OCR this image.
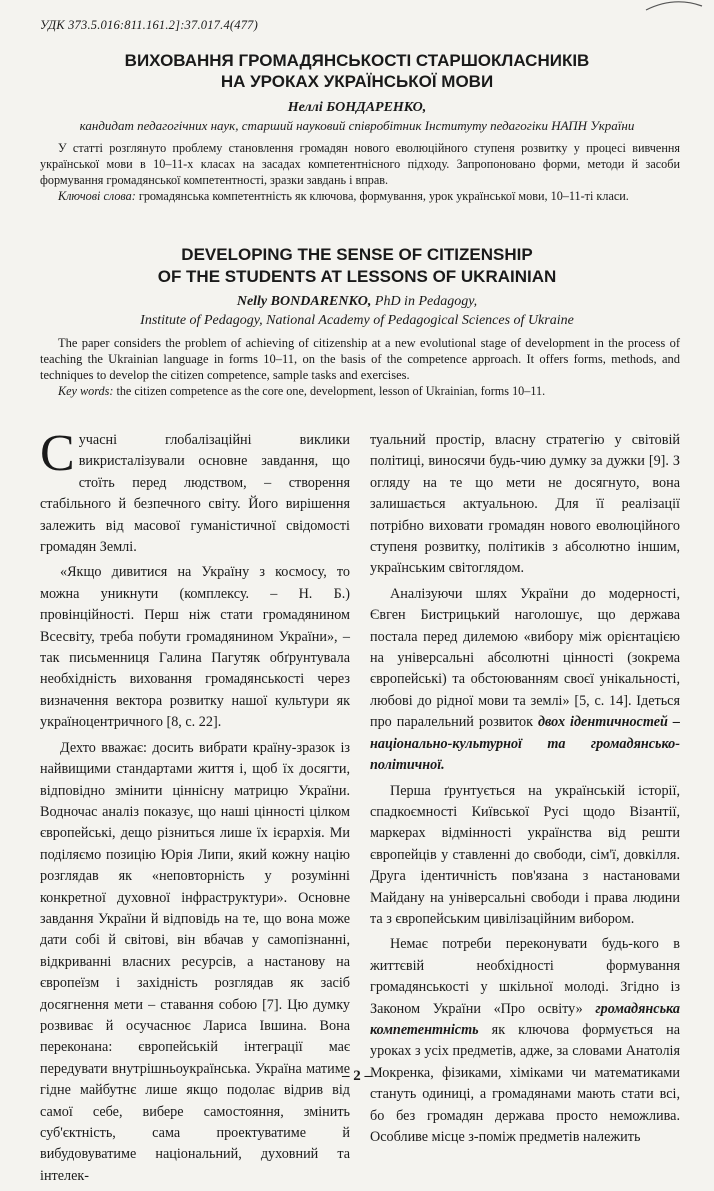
УДК 373.5.016:811.161.2]:37.017.4(477)
ВИХОВАННЯ ГРОМАДЯНСЬКОСТІ СТАРШОКЛАСНИКІВ
НА УРОКАХ УКРАЇНСЬКОЇ МОВИ
Неллі БОНДАРЕНКО,
кандидат педагогічних наук, старший науковий співробітник Інституту педагогіки НАПН України
У статті розглянуто проблему становлення громадян нового еволюційного ступеня розвитку у процесі вивчення української мови в 10–11-х класах на засадах компетентнісного підходу. Запропоновано форми, методи й засоби формування громадянської компетентності, зразки завдань і вправ.
Ключові слова: громадянська компетентність як ключова, формування, урок української мови, 10–11-ті класи.
DEVELOPING THE SENSE OF CITIZENSHIP
OF THE STUDENTS AT LESSONS OF UKRAINIAN
Nelly BONDARENKO, PhD in Pedagogy,
Institute of Pedagogy, National Academy of Pedagogical Sciences of Ukraine
The paper considers the problem of achieving of citizenship at a new evolutional stage of development in the process of teaching the Ukrainian language in forms 10–11, on the basis of the competence approach. It offers forms, methods, and techniques to develop the citizen competence, sample tasks and exercises.
Key words: the citizen competence as the core one, development, lesson of Ukrainian, forms 10–11.

Сучасні глобалізаційні виклики викристалізували основне завдання, що стоїть перед людством, – створення стабільного й безпечного світу. Його вирішення залежить від масової гуманістичної свідомості громадян Землі.

«Якщо дивитися на Україну з космосу, то можна уникнути (комплексу. – Н. Б.) провінційності. Перш ніж стати громадянином Всесвіту, треба побути громадянином України», – так письменниця Галина Пагутяк обґрунтувала необхідність виховання громадянськості через визначення вектора розвитку нашої культури як україноцентричного [8, с. 22].

Дехто вважає: досить вибрати країну-зразок із найвищими стандартами життя і, щоб їх досягти, відповідно змінити ціннісну матрицю України. Водночас аналіз показує, що наші цінності цілком європейські, дещо різниться лише їх ієрархія. Ми поділяємо позицію Юрія Липи, який кожну націю розглядав як «неповторність у розумінні конкретної духовної інфраструктури». Основне завдання України й відповідь на те, що вона може дати собі й світові, він вбачав у самопізнанні, відкриванні власних ресурсів, а настанову на європеїзм і західність розглядав як засіб досягнення мети – ставання собою [7]. Цю думку розвиває й осучаснює Лариса Івшина. Вона переконана: європейській інтеграції має передувати внутрішньоукраїнська. Україна матиме гідне майбутнє лише якщо подолає відрив від самої себе, вибере самостояння, змінить суб'єктність, сама проектуватиме й вибудовуватиме національний, духовний та інтелек-

туальний простір, власну стратегію у світовій політиці, виносячи будь-чию думку за дужки [9]. З огляду на те що мети не досягнуто, вона залишається актуальною. Для її реалізації потрібно виховати громадян нового еволюційного ступеня розвитку, політиків з абсолютно іншим, українським світоглядом.

Аналізуючи шлях України до модерності, Євген Бистрицький наголошує, що держава постала перед дилемою «вибору між орієнтацією на універсальні абсолютні цінності (зокрема європейські) та обстоюванням своєї унікальності, любові до рідної мови та землі» [5, с. 14]. Ідеться про паралельний розвиток двох ідентичностей – національно-культурної та громадянсько-політичної.

Перша ґрунтується на українській історії, спадкоємності Київської Русі щодо Візантії, маркерах відмінності українства від решти європейців у ставленні до свободи, сім'ї, довкілля. Друга ідентичність пов'язана з настановами Майдану на універсальні свободи і права людини та з європейським цивілізаційним вибором.

Немає потреби переконувати будь-кого в життєвій необхідності формування громадянськості у шкільної молоді. Згідно із Законом України «Про освіту» громадянська компетентність як ключова формується на уроках з усіх предметів, адже, за словами Анатолія Мокренка, фізиками, хіміками чи математиками стануть одиниці, а громадянами мають стати всі, бо без громадян держава просто неможлива. Особливе місце з-поміж предметів належить

– 2 –
